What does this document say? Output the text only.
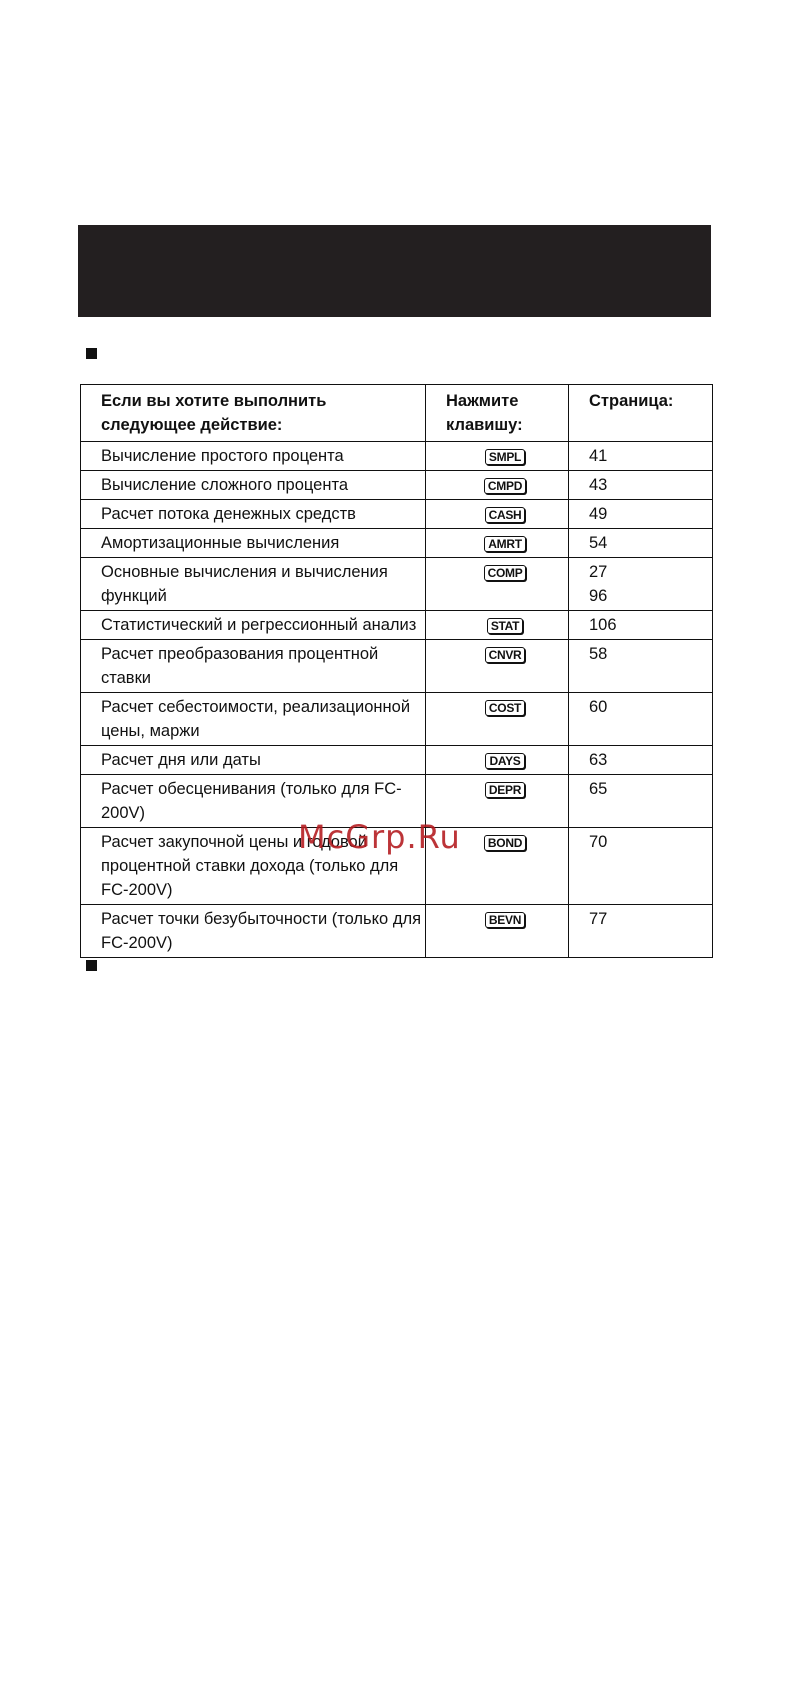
Если вы хотите выполнить следующее действие:	Нажмите клавишу:	Страница:
Вычисление простого процента	SMPL	41

Вычисление сложного процента	CMPD	43

Расчет потока денежных средств	CASH	49

Амортизационные вычисления	AMRT	54

Основные вычисления и вычисления функций	COMP	27
96

Статистический и регрессионный анализ	STAT	106

Расчет преобразования процентной ставки	CNVR	58

Расчет себестоимости, реализационной цены, маржи	COST	60

Расчет дня или даты	DAYS	63

Расчет обесценивания (только для FC-200V)	DEPR	65

Расчет закупочной цены и годовой процентной ставки дохода (только для FC-200V)	BOND	70

Расчет точки безубыточности (только для FC-200V)	BEVN	77
McGrp.Ru
